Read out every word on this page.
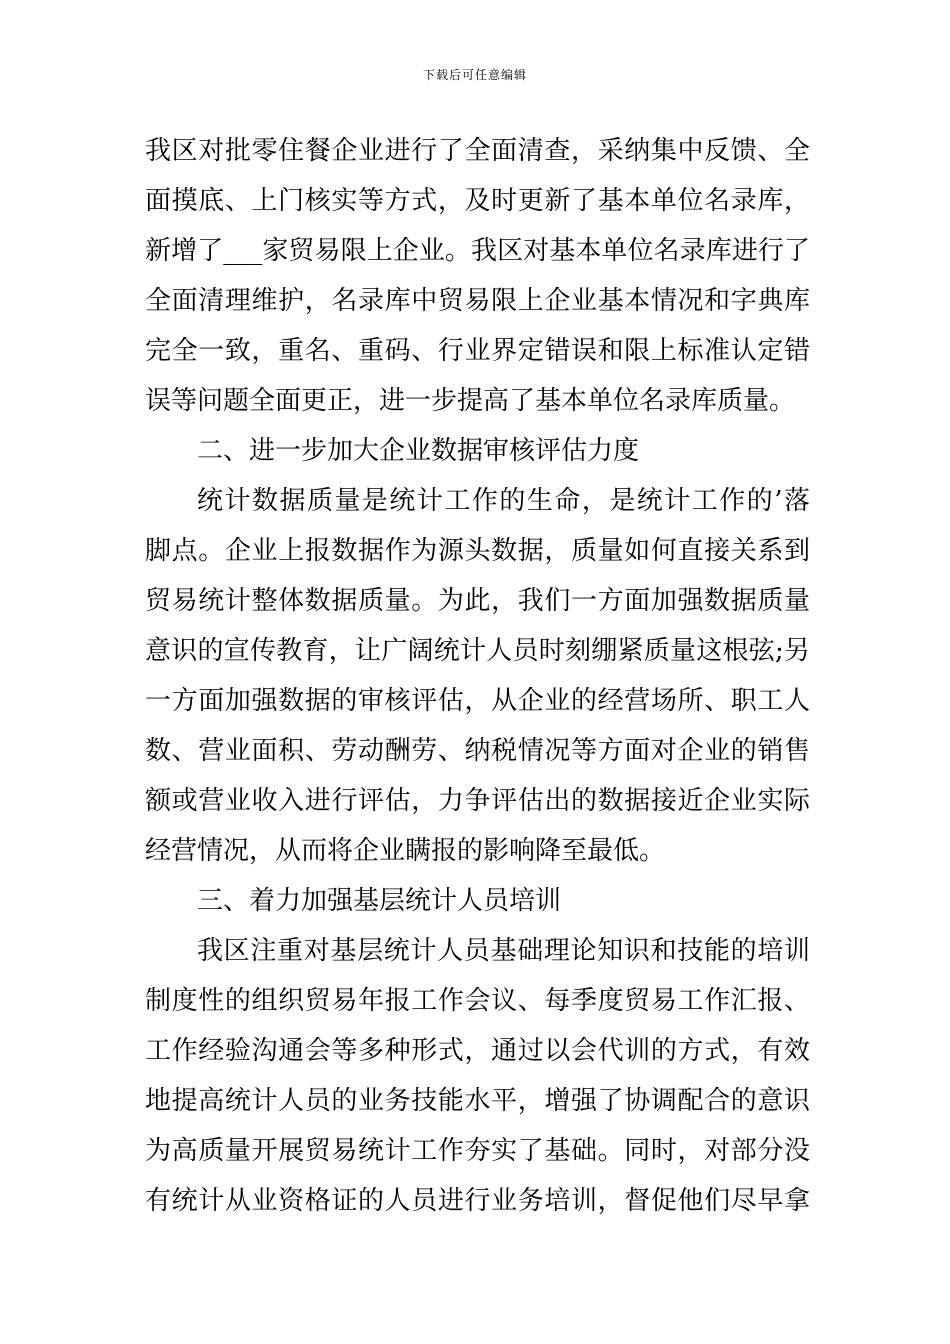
下载后可任意编辑
我区对批零住餐企业进行了全面清查，采纳集中反馈、全
面摸底、上门核实等方式，及时更新了基本单位名录库，
新增了___家贸易限上企业。我区对基本单位名录库进行了
全面清理维护，名录库中贸易限上企业基本情况和字典库
完全一致，重名、重码、行业界定错误和限上标准认定错
误等问题全面更正，进一步提高了基本单位名录库质量。
二、进一步加大企业数据审核评估力度
统计数据质量是统计工作的生命，是统计工作的’落
脚点。企业上报数据作为源头数据，质量如何直接关系到
贸易统计整体数据质量。为此，我们一方面加强数据质量
意识的宣传教育，让广阔统计人员时刻绷紧质量这根弦;另
一方面加强数据的审核评估，从企业的经营场所、职工人
数、营业面积、劳动酬劳、纳税情况等方面对企业的销售
额或营业收入进行评估，力争评估出的数据接近企业实际
经营情况，从而将企业瞒报的影响降至最低。
三、着力加强基层统计人员培训
我区注重对基层统计人员基础理论知识和技能的培训
制度性的组织贸易年报工作会议、每季度贸易工作汇报、
工作经验沟通会等多种形式，通过以会代训的方式，有效
地提高统计人员的业务技能水平，增强了协调配合的意识
为高质量开展贸易统计工作夯实了基础。同时，对部分没
有统计从业资格证的人员进行业务培训，督促他们尽早拿
